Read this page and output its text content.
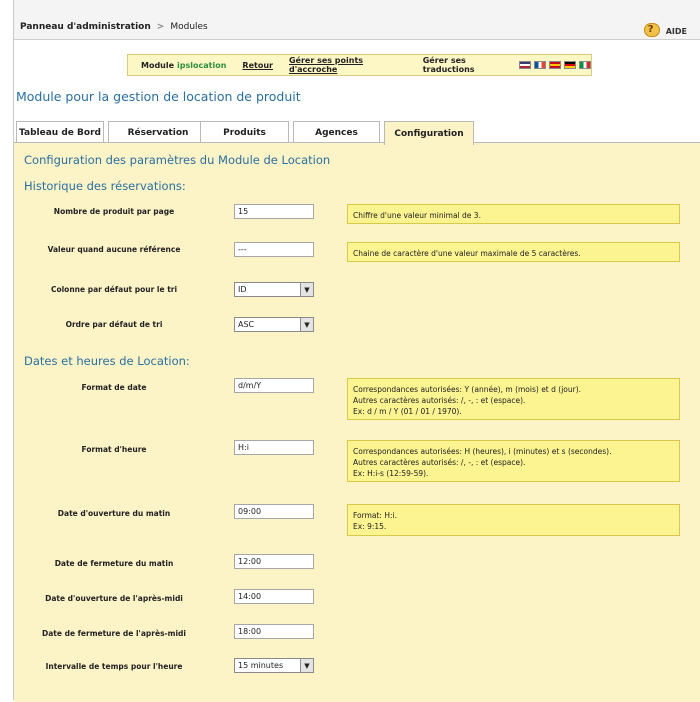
Panneau d'administration > Modules	? AIDE
Module ipslocation Retour Gérer ses points d'accroche
Gérer ses traductions
Module pour la gestion de location de produit
Tableau de Bord	Réservation	Produits	Agences	Configuration
Configuration des paramètres du Module de Location
Historique des réservations:
Nombre de produit par page	15	Chiffre d'une valeur minimal de 3.
Valeur quand aucune référence	---	Chaine de caractère d'une valeur maximale de 5 caractères.
Colonne par défaut pour le tri	ID	▼
Ordre par défaut de tri	ASC	▼
Dates et heures de Location:
Format de date	d/m/Y	Correspondances autorisées: Y (année), m (mois) et d (jour).
Autres caractères autorisés: /, -, : et (espace).
Ex: d / m / Y (01 / 01 / 1970).
Format d'heure	H:i	Correspondances autorisées: H (heures), i (minutes) et s (secondes).
Autres caractères autorisés: /, -, : et (espace).
Ex: H:i-s (12:59-59).
Date d'ouverture du matin	09:00	Format: H:i.
Ex: 9:15.
Date de fermeture du matin	12:00
Date d'ouverture de l'après-midi	14:00
Date de fermeture de l'après-midi	18:00
Intervalle de temps pour l'heure	15 minutes	▼
